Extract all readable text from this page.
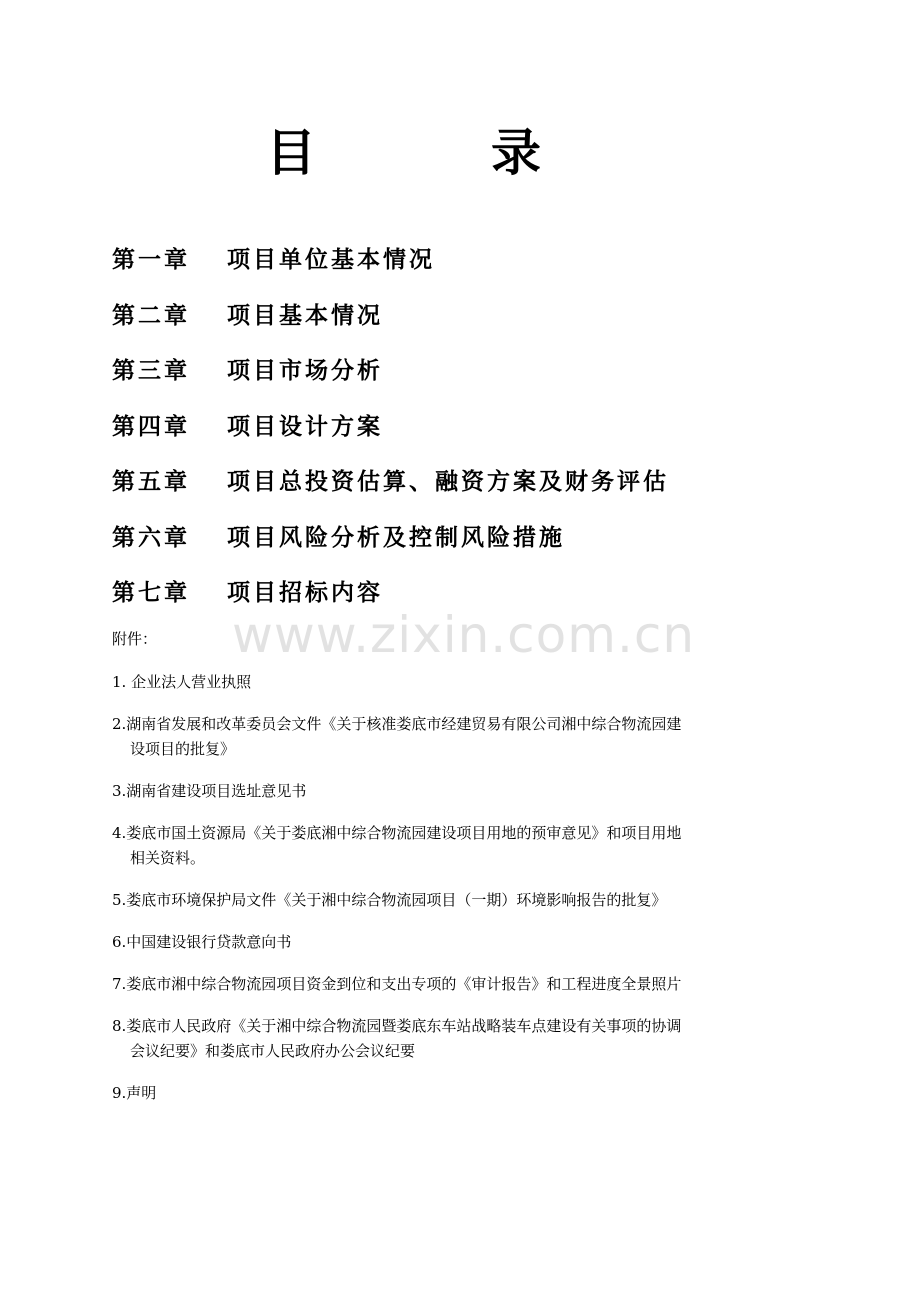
目	录
第一章 项目单位基本情况
第二章 项目基本情况
第三章 项目市场分析
第四章 项目设计方案
第五章 项目总投资估算、融资方案及财务评估
第六章 项目风险分析及控制风险措施
第七章 项目招标内容
附件：
1. 企业法人营业执照
2.湖南省发展和改革委员会文件《关于核准娄底市经建贸易有限公司湘中综合物流园建
设项目的批复》
3.湖南省建设项目选址意见书
4.娄底市国土资源局《关于娄底湘中综合物流园建设项目用地的预审意见》和项目用地
相关资料。
5.娄底市环境保护局文件《关于湘中综合物流园项目（一期）环境影响报告的批复》
6.中国建设银行贷款意向书
7.娄底市湘中综合物流园项目资金到位和支出专项的《审计报告》和工程进度全景照片
8.娄底市人民政府《关于湘中综合物流园暨娄底东车站战略装车点建设有关事项的协调
会议纪要》和娄底市人民政府办公会议纪要
9.声明
www.zixin.com.cn
